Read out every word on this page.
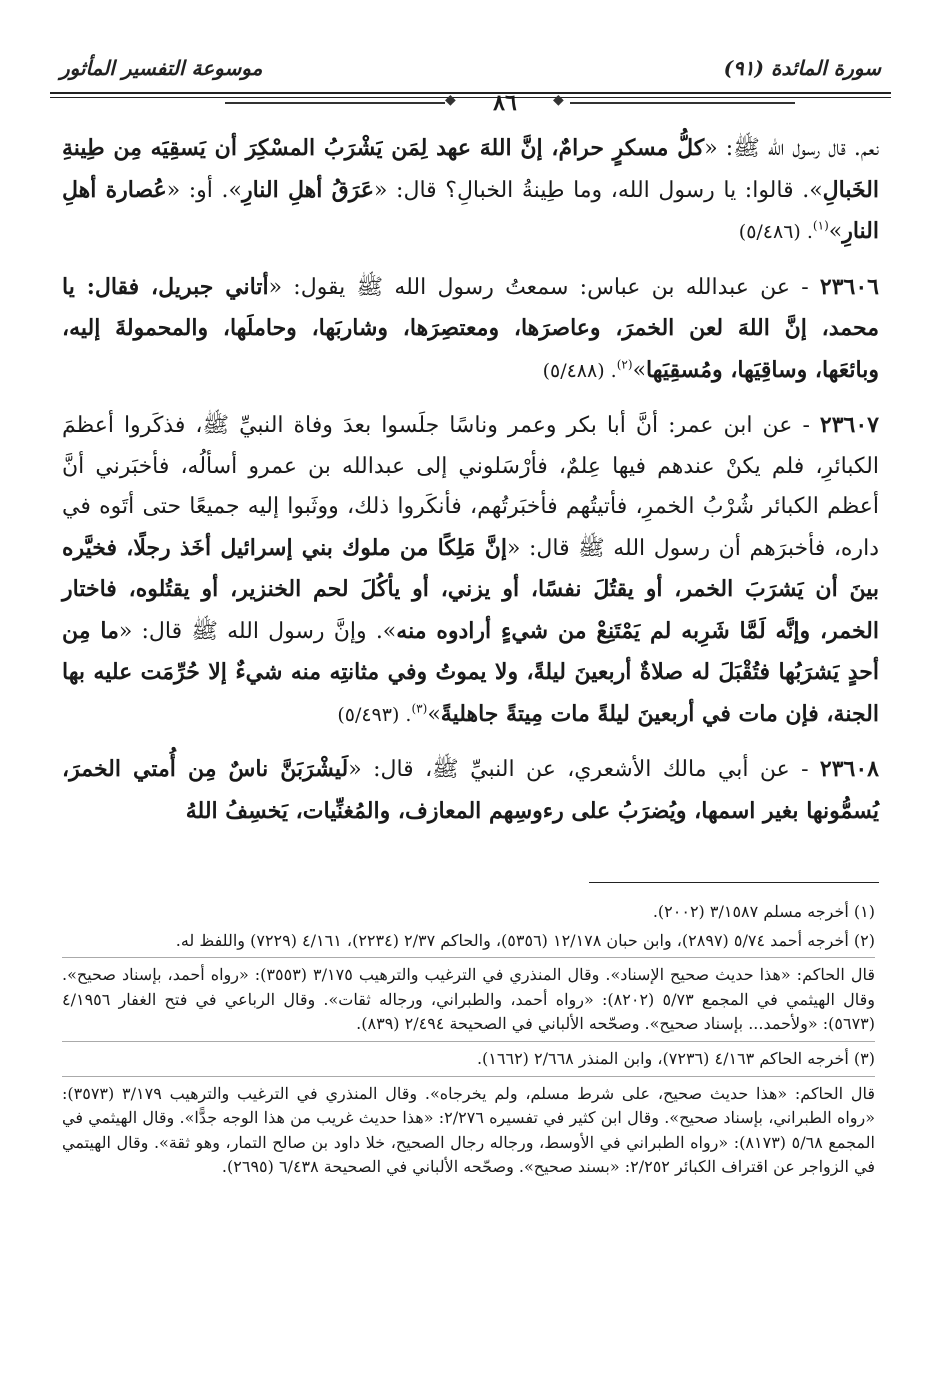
سورة المائدة (٩١)
موسوعة التفسير المأثور
◆	٨٦	◆

نعم. قال رسول الله ﷺ: «كلُّ مسكرٍ حرامٌ، إنَّ اللهَ عهد لِمَن يَشْرَبُ المسْكِرَ أن يَسقِيَه مِن طِينةِ الخَبالِ». قالوا: يا رسول الله، وما طِينةُ الخبالِ؟ قال: «عَرَقُ أهلِ النارِ». أو: «عُصارة أهلِ النارِ»$^{(١)}$. (٥/٤٨٦)

٢٣٦٠٦ - عن عبدالله بن عباس: سمعتُ رسول الله ﷺ يقول: «أتاني جبريل، فقال: يا محمد، إنَّ اللهَ لعن الخمرَ، وعاصرَها، ومعتصِرَها، وشاربَها، وحاملَها، والمحمولةَ إليه، وبائعَها، وساقِيَها، ومُسقِيَها»$^{(٢)}$. (٥/٤٨٨)

٢٣٦٠٧ - عن ابن عمر: أنَّ أبا بكر وعمر وناسًا جلَسوا بعدَ وفاة النبيِّ ﷺ، فذكَروا أعظمَ الكبائرِ، فلم يكنْ عندهم فيها عِلمٌ، فأرْسَلوني إلى عبدالله بن عمرو أسألُه، فأخبَرني أنَّ أعظم الكبائر شُرْبُ الخمرِ، فأتيتُهم فأخبَرتُهم، فأنكَروا ذلك، ووثَبوا إليه جميعًا حتى أتَوه في داره، فأخبرَهم أن رسول الله ﷺ قال: «إنَّ مَلِكًا من ملوك بني إسرائيل أخَذ رجلًا، فخيَّره بينَ أن يَشرَبَ الخمر، أو يقتُلَ نفسًا، أو يزني، أو يأكُلَ لحم الخنزير، أو يقتُلوه، فاختار الخمر، وإنَّه لَمَّا شَرِبه لم يَمْتَنِعْ من شيءٍ أرادوه منه». وإنَّ رسول الله ﷺ قال: «ما مِن أحدٍ يَشرَبُها فتُقْبَلَ له صلاةٌ أربعينَ ليلةً، ولا يموتُ وفي مثانتِه منه شيءٌ إلا حُرِّمَت عليه بها الجنة، فإن مات في أربعينَ ليلةً مات مِيتةً جاهليةً»$^{(٣)}$. (٥/٤٩٣)

٢٣٦٠٨ - عن أبي مالك الأشعري، عن النبيِّ ﷺ، قال: «لَيشْرَبَنَّ ناسٌ مِن أُمتي الخمرَ، يُسمُّونها بغير اسمها، ويُضرَبُ على رءوسِهم المعازف، والمُغنِّيات، يَخسِفُ اللهُ

(١) أخرجه مسلم ٣/١٥٨٧ (٢٠٠٢).

(٢) أخرجه أحمد ٥/٧٤ (٢٨٩٧)، وابن حبان ١٢/١٧٨ (٥٣٥٦)، والحاكم ٢/٣٧ (٢٢٣٤)، ٤/١٦١ (٧٢٢٩) واللفظ له.

قال الحاكم: «هذا حديث صحيح الإسناد». وقال المنذري في الترغيب والترهيب ٣/١٧٥ (٣٥٥٣): «رواه أحمد، بإسناد صحيح». وقال الهيثمي في المجمع ٥/٧٣ (٨٢٠٢): «رواه أحمد، والطبراني، ورجاله ثقات». وقال الرباعي في فتح الغفار ٤/١٩٥٦ (٥٦٧٣): «ولأحمد... بإسناد صحيح». وصحّحه الألباني في الصحيحة ٢/٤٩٤ (٨٣٩).

(٣) أخرجه الحاكم ٤/١٦٣ (٧٢٣٦)، وابن المنذر ٢/٦٦٨ (١٦٦٢).

قال الحاكم: «هذا حديث صحيح، على شرط مسلم، ولم يخرجاه». وقال المنذري في الترغيب والترهيب ٣/١٧٩ (٣٥٧٣): «رواه الطبراني، بإسناد صحيح». وقال ابن كثير في تفسيره ٢/٢٧٦: «هذا حديث غريب من هذا الوجه جدًّا». وقال الهيثمي في المجمع ٥/٦٨ (٨١٧٣): «رواه الطبراني في الأوسط، ورجاله رجال الصحيح، خلا داود بن صالح التمار، وهو ثقة». وقال الهيتمي في الزواجر عن اقتراف الكبائر ٢/٢٥٢: «بسند صحيح». وصحّحه الألباني في الصحيحة ٦/٤٣٨ (٢٦٩٥).
